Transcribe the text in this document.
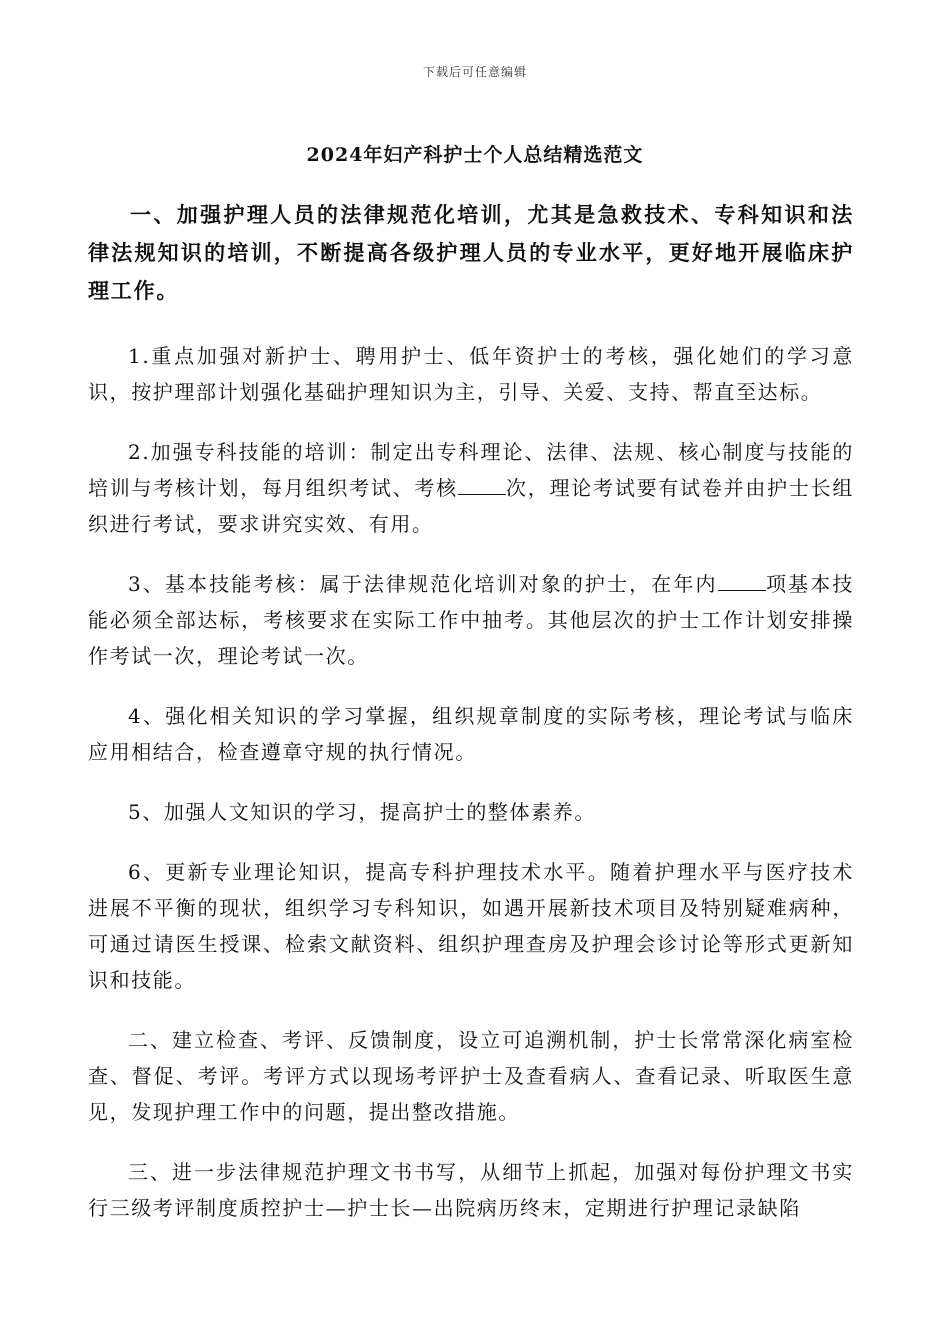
下载后可任意编辑
2024年妇产科护士个人总结精选范文

一、加强护理人员的法律规范化培训，尤其是急救技术、专科知识和法律法规知识的培训，不断提高各级护理人员的专业水平，更好地开展临床护理工作。

1.重点加强对新护士、聘用护士、低年资护士的考核，强化她们的学习意识，按护理部计划强化基础护理知识为主，引导、关爱、支持、帮直至达标。

2.加强专科技能的培训：制定出专科理论、法律、法规、核心制度与技能的培训与考核计划，每月组织考试、考核 次，理论考试要有试卷并由护士长组织进行考试，要求讲究实效、有用。

3、基本技能考核：属于法律规范化培训对象的护士，在年内 项基本技能必须全部达标，考核要求在实际工作中抽考。其他层次的护士工作计划安排操作考试一次，理论考试一次。

4、强化相关知识的学习掌握，组织规章制度的实际考核，理论考试与临床应用相结合，检查遵章守规的执行情况。

5、加强人文知识的学习，提高护士的整体素养。

6、更新专业理论知识，提高专科护理技术水平。随着护理水平与医疗技术进展不平衡的现状，组织学习专科知识，如遇开展新技术项目及特别疑难病种，可通过请医生授课、检索文献资料、组织护理查房及护理会诊讨论等形式更新知识和技能。

二、建立检查、考评、反馈制度，设立可追溯机制，护士长常常深化病室检查、督促、考评。考评方式以现场考评护士及查看病人、查看记录、听取医生意见，发现护理工作中的问题，提出整改措施。

三、进一步法律规范护理文书书写，从细节上抓起，加强对每份护理文书实行三级考评制度质控护士—护士长—出院病历终末，定期进行护理记录缺陷
